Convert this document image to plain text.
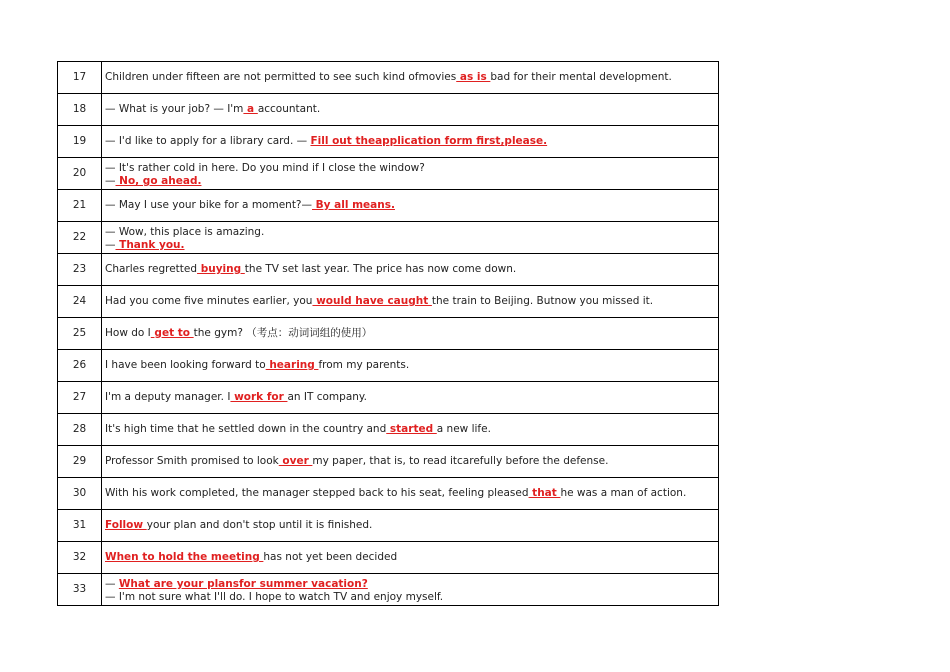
17	Children under fifteen are not permitted to see such kind ofmovies as is bad for their mental development.
18	— What is your job? — I'm a accountant.
19	— I'd like to apply for a library card. — Fill out theapplication form first,please.
20	— It's rather cold in here. Do you mind if I close the window?
— No, go ahead.

21	— May I use your bike for a moment?— By all means.
22	— Wow, this place is amazing.
— Thank you.

23	Charles regretted buying the TV set last year. The price has now come down.
24	Had you come five minutes earlier, you would have caught the train to Beijing. Butnow you missed it.
25	How do I get to the gym? （考点：动词词组的使用）
26	I have been looking forward to hearing from my parents.
27	I'm a deputy manager. I work for an IT company.
28	It's high time that he settled down in the country and started a new life.
29	Professor Smith promised to look over my paper, that is, to read itcarefully before the defense.
30	With his work completed, the manager stepped back to his seat, feeling pleased that he was a man of action.
31	Follow your plan and don't stop until it is finished.
32	When to hold the meeting has not yet been decided
33	— What are your plansfor summer vacation?
— I'm not sure what I'll do. I hope to watch TV and enjoy myself.
